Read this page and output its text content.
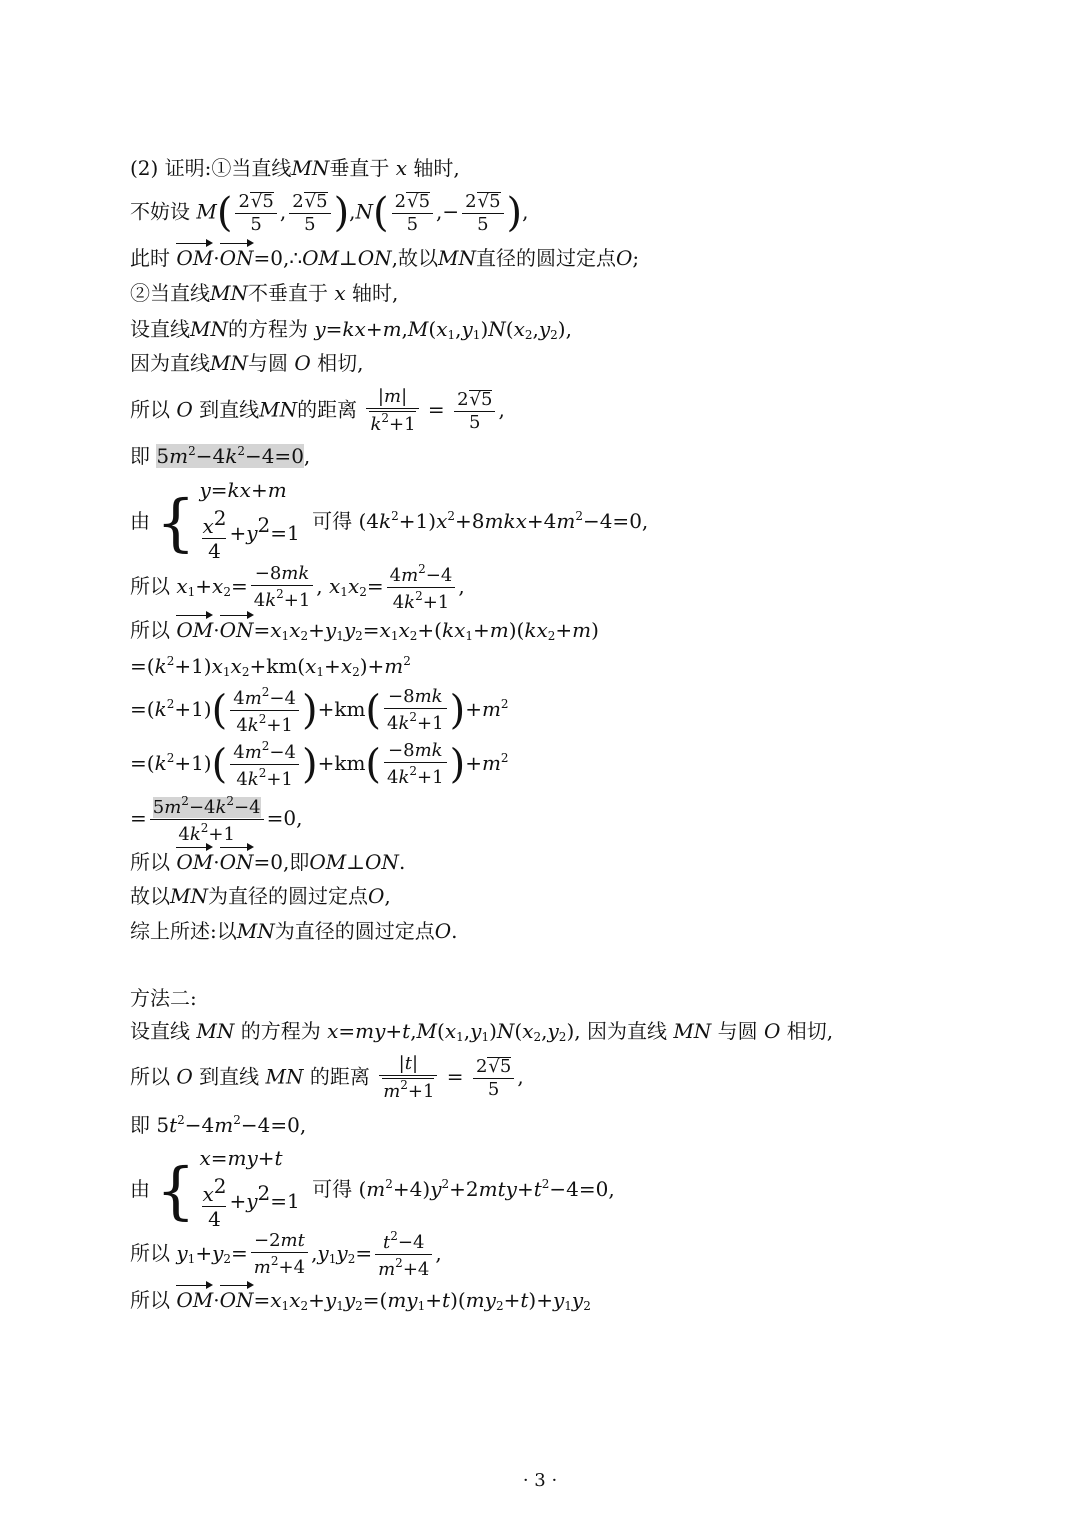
(2) 证明:①当直线MN垂直于 x 轴时,
不妨设 $M( \frac{2√5}{5}$ , $\frac{2√5}{5} ),N( \frac{2√5}{5}$ ,− $\frac{2√5}{5}$ ),
此时 OM·ON=0,∴OM⊥ON,故以MN直径的圆过定点O;
②当直线MN不垂直于 x 轴时,
设直线MN的方程为 $y=kx+m,M(x_1,y_1)N(x_2,y_2)$,
因为直线MN与圆 O 相切,
所以 O 到直线MN的距离 $\frac{|m|}{k^2+1} = \frac{2√5}{5}$ ,
即 $5m^2-4k^2-4=0$,
由 { y=kx+m
$\frac{x2}{4} +y2=1$ 可得 $(4k^2+1)x^2+8mkx+4m^2-4=0$,
所以 $x_1+x_2= \frac{-8mk}{4k^2+1}$ , $x_1x_2= \frac{4m^2-4}{4k^2+1}$ ,
所以 $OM\cdot ON=x_1x_2+y_1y_2=x_1x_2+(kx_1+m)(kx_2+m)$
$=(k^2+1)x_1x_2+km(x_1+x_2)+m^2$
$=(k^2+1)( \frac{4m^2-4}{4k^2+1} )+km( \frac{-8mk}{4k^2+1} )+m^2$
$=(k^2+1)( \frac{4m^2-4}{4k^2+1} )+km( \frac{-8mk}{4k^2+1} )+m^2$
= $\frac{5m^2-4k^2-4}{4k^2+1} =0$,
所以 OM·ON=0,即OM⊥ON.
故以MN为直径的圆过定点O,
综上所述:以MN为直径的圆过定点O.
方法二:
设直线 MN 的方程为 $x=my+t,M(x_1,y_1)N(x_2,y_2)$, 因为直线 MN 与圆 O 相切,
所以 O 到直线 MN 的距离 $\frac{|t|}{m^2+1} = \frac{2√5}{5}$ ,
即 $5t^2-4m^2-4=0$,
由 { x=my+t
$\frac{x2}{4} +y2=1$ 可得 $(m^2+4)y^2+2mty+t^2-4=0$,
所以 $y_1+y_2= \frac{-2mt}{m^2+4} ,y_1y_2= \frac{t^2-4}{m^2+4}$ ,
所以 $OM\cdot ON=x_1x_2+y_1y_2=(my_1+t)(my_2+t)+y_1y_2$
· 3 ·
